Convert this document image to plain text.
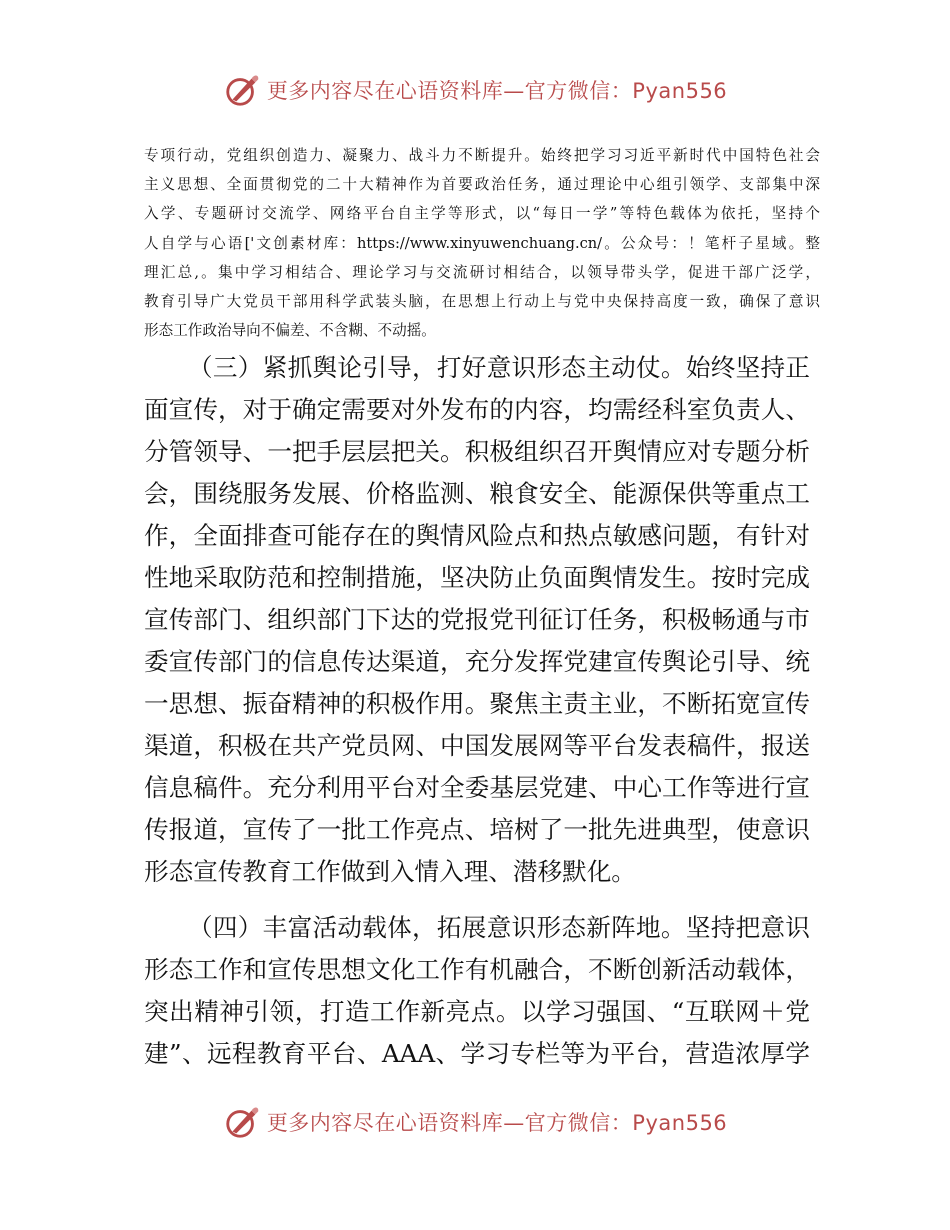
更多内容尽在心语资料库—官方微信：Pyan556
专项行动，党组织创造力、凝聚力、战斗力不断提升。始终把学习习近平新时代中国特色社会
主义思想、全面贯彻党的二十大精神作为首要政治任务，通过理论中心组引领学、支部集中深
入学、专题研讨交流学、网络平台自主学等形式，以“每日一学”等特色载体为依托，坚持个
人自学与心语['文创素材库：https://www.xinyuwenchuang.cn/。公众号：！笔杆子星域。整
理汇总,。集中学习相结合、理论学习与交流研讨相结合，以领导带头学，促进干部广泛学，
教育引导广大党员干部用科学武装头脑，在思想上行动上与党中央保持高度一致，确保了意识
形态工作政治导向不偏差、不含糊、不动摇。
（三）紧抓舆论引导，打好意识形态主动仗。始终坚持正
面宣传，对于确定需要对外发布的内容，均需经科室负责人、
分管领导、一把手层层把关。积极组织召开舆情应对专题分析
会，围绕服务发展、价格监测、粮食安全、能源保供等重点工
作，全面排查可能存在的舆情风险点和热点敏感问题，有针对
性地采取防范和控制措施，坚决防止负面舆情发生。按时完成
宣传部门、组织部门下达的党报党刊征订任务，积极畅通与市
委宣传部门的信息传达渠道，充分发挥党建宣传舆论引导、统
一思想、振奋精神的积极作用。聚焦主责主业，不断拓宽宣传
渠道，积极在共产党员网、中国发展网等平台发表稿件，报送
信息稿件。充分利用平台对全委基层党建、中心工作等进行宣
传报道，宣传了一批工作亮点、培树了一批先进典型，使意识
形态宣传教育工作做到入情入理、潜移默化。
（四）丰富活动载体，拓展意识形态新阵地。坚持把意识
形态工作和宣传思想文化工作有机融合，不断创新活动载体，
突出精神引领，打造工作新亮点。以学习强国、“互联网＋党
建”、远程教育平台、AAA、学习专栏等为平台，营造浓厚学
更多内容尽在心语资料库—官方微信：Pyan556
